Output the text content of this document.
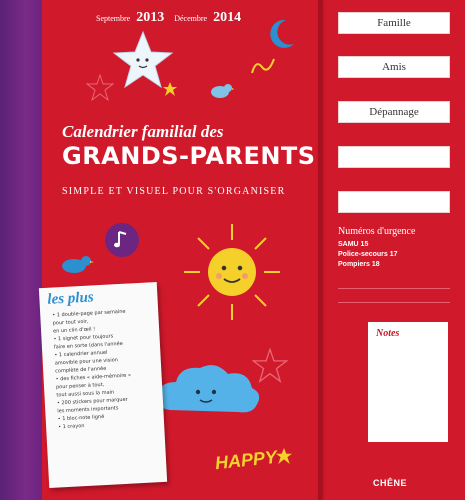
Septembre 2013 Décembre 2014
Calendrier familial des
GRANDS-PARENTS
SIMPLE ET VISUEL POUR S'ORGANISER
HAPPY
les plus
• 1 double-page par semaine
pour tout voir,
en un clin d'œil !
• 1 signet pour toujours
faire en sorte (dans l'année
• 1 calendrier annuel
amovible pour une vision
complète de l'année
• des fiches « aide-mémoire »
pour penser à tout,
tout aussi sous la main
• 200 stickers pour marquer
les moments importants
• 1 bloc-note ligné
• 1 crayon
Famille
Amis
Dépannage
Numéros d'urgence
SAMU 15
Police-secours 17
Pompiers 18
Notes
CHÊNE
